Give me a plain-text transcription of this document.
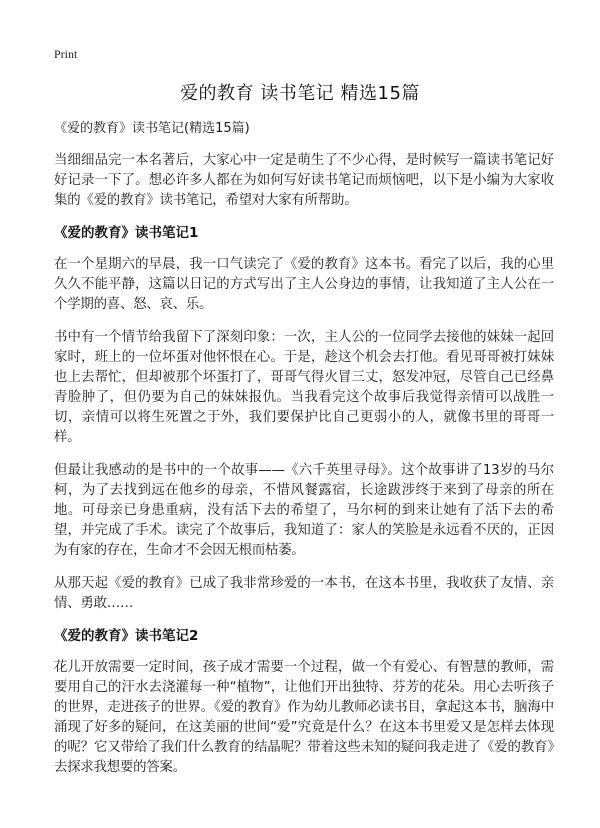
Print
爱的教育 读书笔记 精选15篇
《爱的教育》读书笔记(精选15篇)

当细细品完一本名著后，大家心中一定是萌生了不少心得，是时候写一篇读书笔记好好记录一下了。想必许多人都在为如何写好读书笔记而烦恼吧，以下是小编为大家收集的《爱的教育》读书笔记，希望对大家有所帮助。

《爱的教育》读书笔记1

在一个星期六的早晨，我一口气读完了《爱的教育》这本书。看完了以后，我的心里久久不能平静，这篇以日记的方式写出了主人公身边的事情，让我知道了主人公在一个学期的喜、怒、哀、乐。

书中有一个情节给我留下了深刻印象：一次，主人公的一位同学去接他的妹妹一起回家时，班上的一位坏蛋对他怀恨在心。于是，趁这个机会去打他。看见哥哥被打妹妹也上去帮忙，但却被那个坏蛋打了，哥哥气得火冒三丈，怒发冲冠，尽管自己已经鼻青脸肿了，但仍要为自己的妹妹报仇。当我看完这个故事后我觉得亲情可以战胜一切，亲情可以将生死置之于外，我们要保护比自己更弱小的人，就像书里的哥哥一样。

但最让我感动的是书中的一个故事——《六千英里寻母》。这个故事讲了13岁的马尔柯，为了去找到远在他乡的母亲，不惜风餐露宿，长途跋涉终于来到了母亲的所在地。可母亲已身患重病，没有活下去的希望了，马尔柯的到来让她有了活下去的希望，并完成了手术。读完了个故事后，我知道了：家人的笑脸是永远看不厌的，正因为有家的存在，生命才不会因无根而枯萎。

从那天起《爱的教育》已成了我非常珍爱的一本书，在这本书里，我收获了友情、亲情、勇敢……

《爱的教育》读书笔记2

花儿开放需要一定时间，孩子成才需要一个过程，做一个有爱心、有智慧的教师，需要用自己的汗水去浇灌每一种“植物”，让他们开出独特、芬芳的花朵。用心去听孩子的世界，走进孩子的世界。《爱的教育》作为幼儿教师必读书目，拿起这本书，脑海中涌现了好多的疑问，在这美丽的世间“爱”究竟是什么？在这本书里爱又是怎样去体现的呢？它又带给了我们什么教育的结晶呢？带着这些未知的疑问我走进了《爱的教育》去探求我想要的答案。
